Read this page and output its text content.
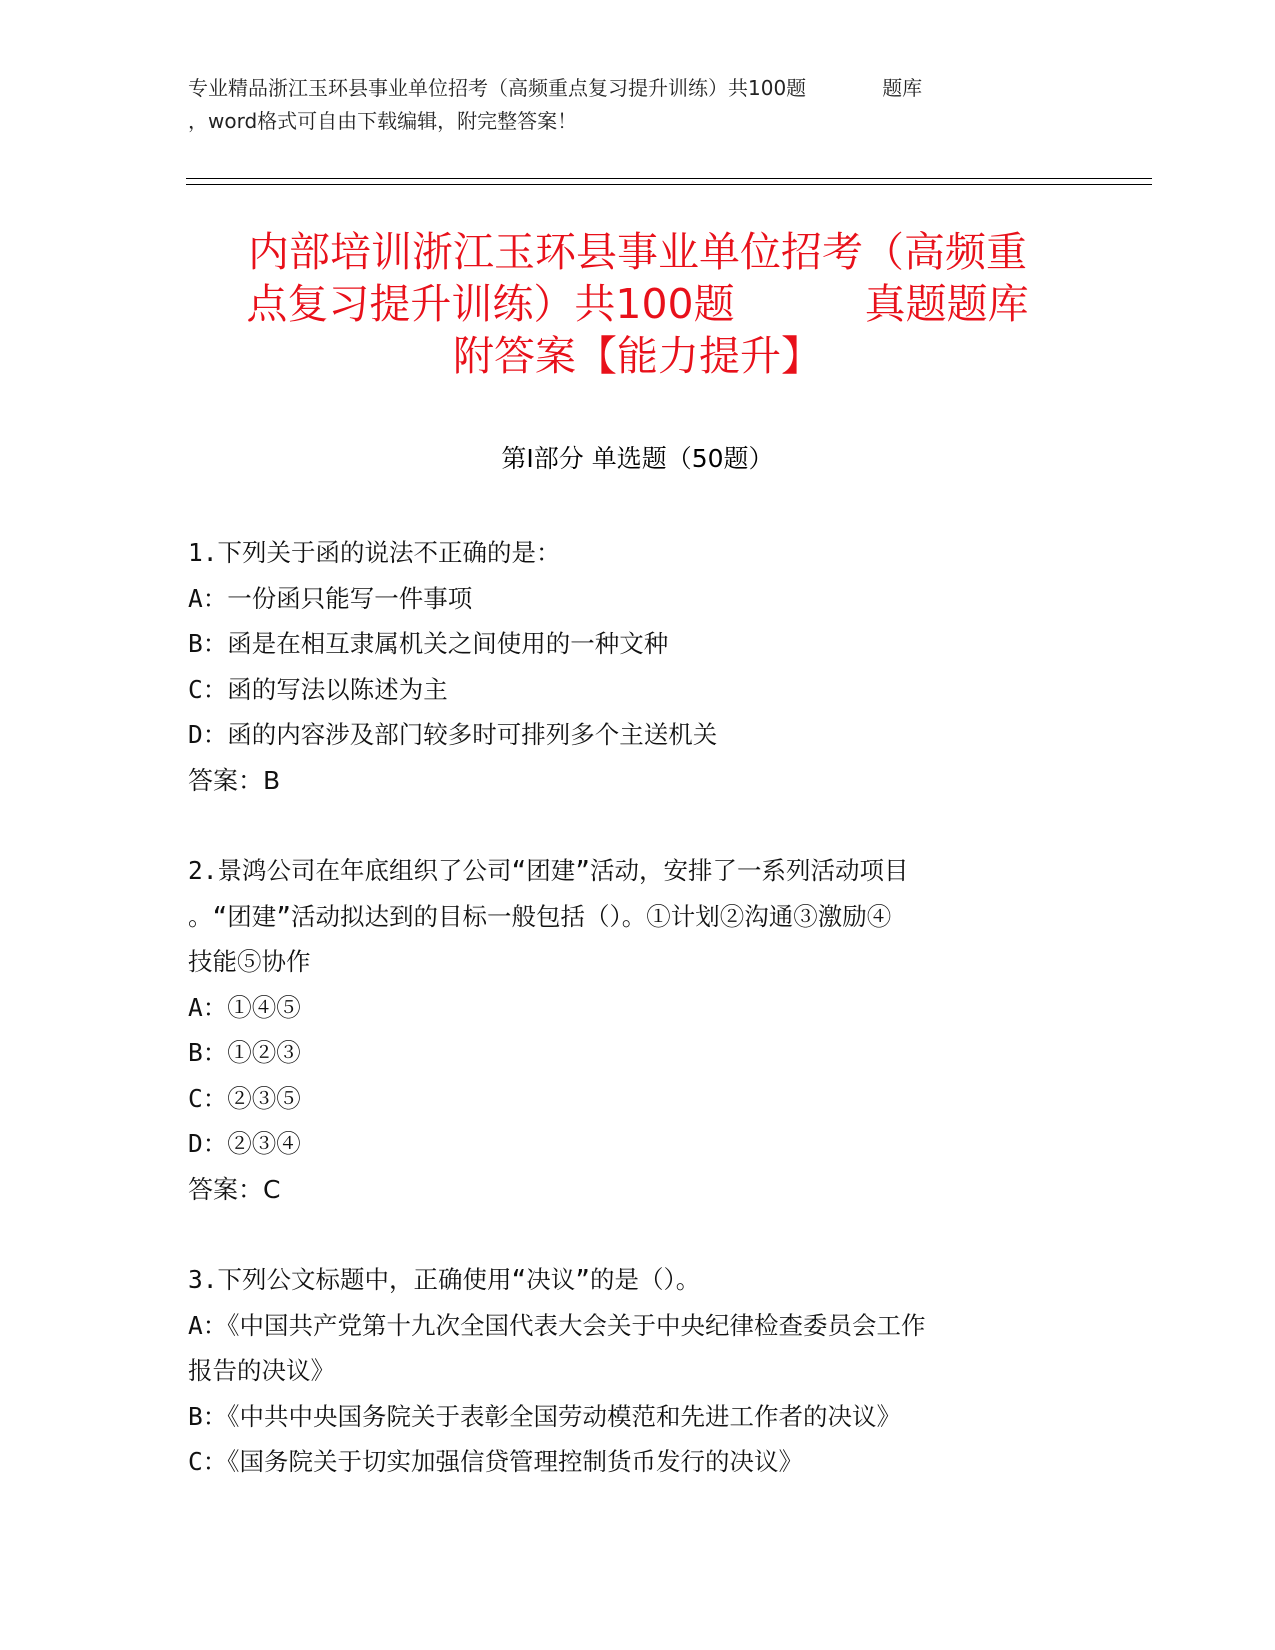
专业精品浙江玉环县事业单位招考（高频重点复习提升训练）共100题	题库
，word格式可自由下载编辑，附完整答案！
内部培训浙江玉环县事业单位招考（高频重
点复习提升训练）共100题	真题题库
附答案【能力提升】
第Ⅰ部分 单选题（50题）
1.下列关于函的说法不正确的是：
A：一份函只能写一件事项
B：函是在相互隶属机关之间使用的一种文种
C：函的写法以陈述为主
D：函的内容涉及部门较多时可排列多个主送机关
答案：B
2.景鸿公司在年底组织了公司“团建”活动，安排了一系列活动项目
。“团建”活动拟达到的目标一般包括（）。①计划②沟通③激励④
技能⑤协作
A：①④⑤
B：①②③
C：②③⑤
D：②③④
答案：C
3.下列公文标题中，正确使用“决议”的是（）。
A：《中国共产党第十九次全国代表大会关于中央纪律检查委员会工作
报告的决议》
B：《中共中央国务院关于表彰全国劳动模范和先进工作者的决议》
C：《国务院关于切实加强信贷管理控制货币发行的决议》
